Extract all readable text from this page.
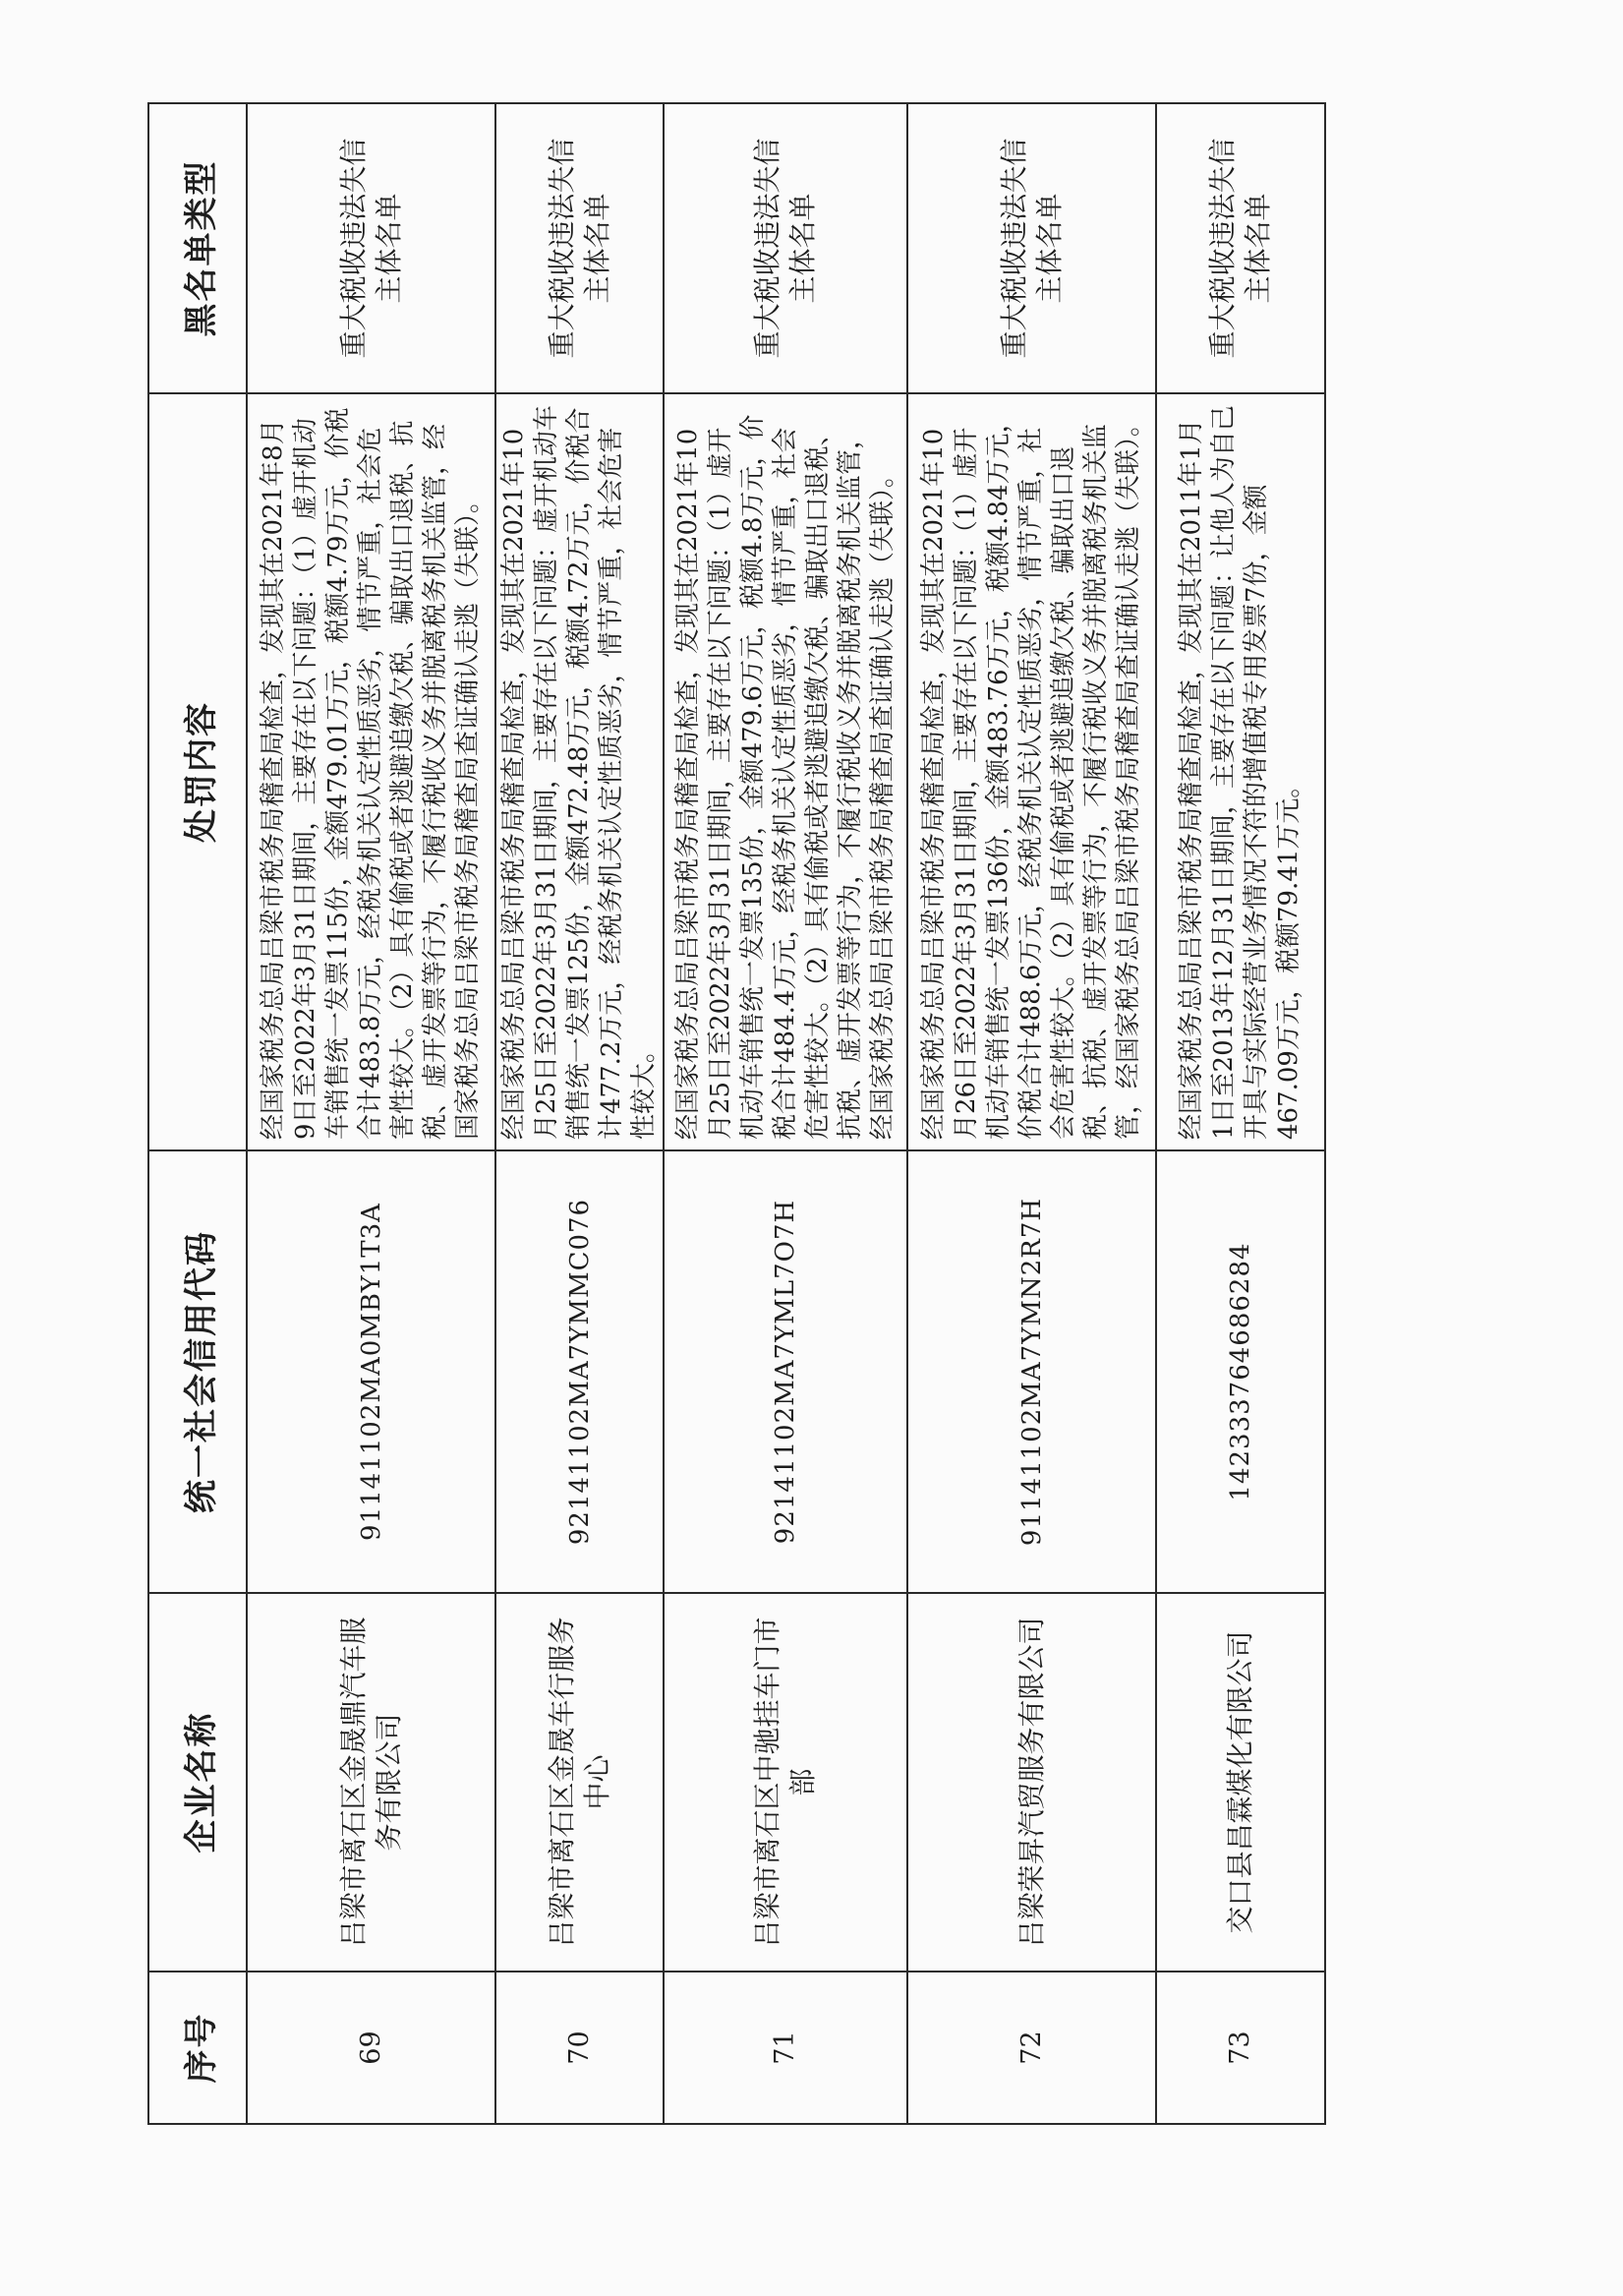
序号	企业名称	统一社会信用代码	处罚内容	黑名单类型
69	吕梁市离石区金晟鼎汽车服务有限公司	91141102MA0MBY1T3A	经国家税务总局吕梁市税务局稽查局检查，发现其在2021年8月9日至2022年3月31日期间，主要存在以下问题：（1）虚开机动车销售统一发票115份，金额479.01万元，税额4.79万元，价税合计483.8万元，经税务机关认定性质恶劣，情节严重，社会危害性较大。（2）具有偷税或者逃避追缴欠税、骗取出口退税、抗税、虚开发票等行为，不履行税收义务并脱离税务机关监管，经国家税务总局吕梁市税务局稽查局查证确认走逃（失联）。	重大税收违法失信主体名单
70	吕梁市离石区金晟车行服务中心	92141102MA7YMMC076	经国家税务总局吕梁市税务局稽查局检查，发现其在2021年10月25日至2022年3月31日期间，主要存在以下问题：虚开机动车销售统一发票125份，金额472.48万元，税额4.72万元，价税合计477.2万元，经税务机关认定性质恶劣，情节严重，社会危害性较大。	重大税收违法失信主体名单
71	吕梁市离石区中驰挂车门市部	92141102MA7YML7O7H	经国家税务总局吕梁市税务局稽查局检查，发现其在2021年10月25日至2022年3月31日期间，主要存在以下问题：（1）虚开机动车销售统一发票135份，金额479.6万元，税额4.8万元，价税合计484.4万元，经税务机关认定性质恶劣，情节严重，社会危害性较大。（2）具有偷税或者逃避追缴欠税、骗取出口退税、抗税、虚开发票等行为，不履行税收义务并脱离税务机关监管，经国家税务总局吕梁市税务局稽查局查证确认走逃（失联）。	重大税收违法失信主体名单
72	吕梁荣昇汽贸服务有限公司	91141102MA7YMN2R7H	经国家税务总局吕梁市税务局稽查局检查，发现其在2021年10月26日至2022年3月31日期间，主要存在以下问题：（1）虚开机动车销售统一发票136份，金额483.76万元，税额4.84万元，价税合计488.6万元，经税务机关认定性质恶劣，情节严重，社会危害性较大。（2）具有偷税或者逃避追缴欠税、骗取出口退税、抗税、虚开发票等行为，不履行税收义务并脱离税务机关监管，经国家税务总局吕梁市税务局稽查局查证确认走逃（失联）。	重大税收违法失信主体名单
73	交口县昌霖煤化有限公司	142333764686284	经国家税务总局吕梁市税务局稽查局检查，发现其在2011年1月1日至2013年12月31日期间，主要存在以下问题：让他人为自己开具与实际经营业务情况不符的增值税专用发票7份，金额467.09万元，税额79.41万元。	重大税收违法失信主体名单
